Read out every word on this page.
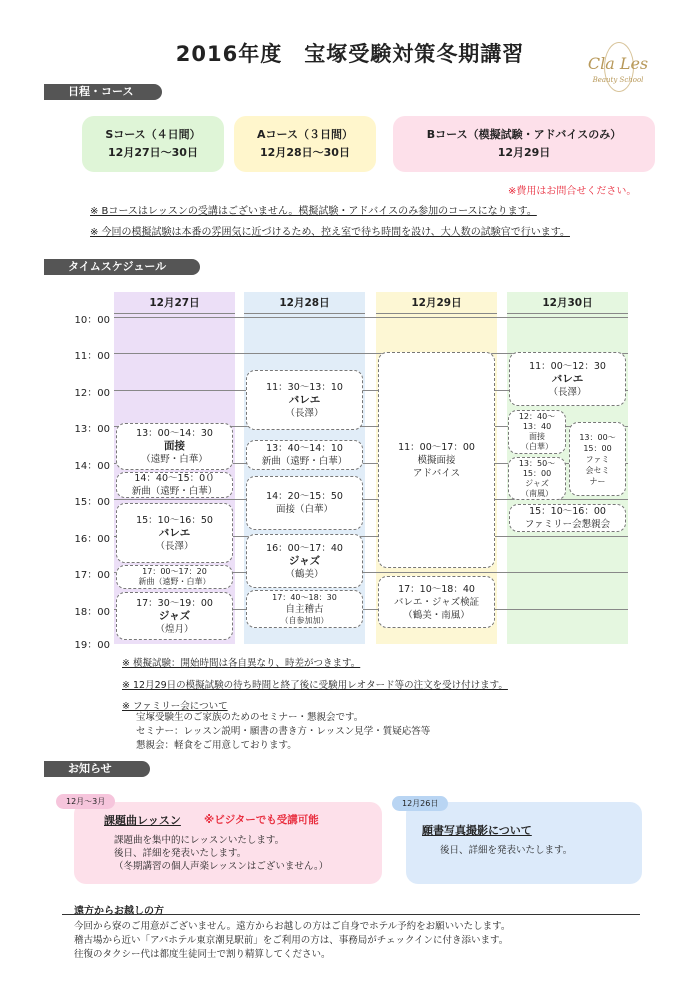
2016年度　宝塚受験対策冬期講習	Cla Les
Beauty School
日程・コース
Sコース（４日間）
12月27日〜30日
Aコース（３日間）
12月28日〜30日
Bコース（模擬試験・アドバイスのみ）
12月29日
※費用はお問合せください。
※ Bコースはレッスンの受講はございません。模擬試験・アドバイスのみ参加のコースになります。
※ 今回の模擬試験は本番の雰囲気に近づけるため、控え室で待ち時間を設け、大人数の試験官で行います。
タイムスケジュール
12月27日	12月28日	12月29日	12月30日
10：00
11：00
12：00
13：00
14：00
15：00
16：00
17：00
18：00
19：00
13：00〜14：30
面接
（遠野・白華）
14：40〜15：0０
新曲（遠野・白華）
15：10〜16：50
バレエ
（長澤）
17：00〜17：20
新曲（遠野・白華）
17：30〜19：00
ジャズ
（煌月）
11：30〜13：10
バレエ
（長澤）
13：40〜14：10
新曲（遠野・白華）
14：20〜15：50
面接（白華）
16：00〜17：40
ジャズ
（鶴美）
17：40〜18：30
自主稽古
（自参加加）
11：00〜17：00
模擬面接
アドバイス
17：10〜18：40
バレエ・ジャズ検証
（鶴美・南風）
11：00〜12：30
バレエ
（長澤）
12：40〜
13：40
面接
（白華）
13：50〜
15：00
ジャズ
（南風）
13：00〜
15：00
ファミ
会セミ
ナー
15：10〜16：00
ファミリー会懇親会
※ 模擬試験：開始時間は各自異なり、時差がつきます。
※ 12月29日の模擬試験の待ち時間と終了後に受験用レオタード等の注文を受け付けます。
※ ファミリー会について
宝塚受験生のご家族のためのセミナー・懇親会です。
セミナー：レッスン説明・願書の書き方・レッスン見学・質疑応答等
懇親会：軽食をご用意しております。
お知らせ
12月〜3月
課題曲レッスン ※ビジターでも受講可能
課題曲を集中的にレッスンいたします。
後日、詳細を発表いたします。
（冬期講習の個人声楽レッスンはございません。）
12月26日
願書写真撮影について
後日、詳細を発表いたします。
遠方からお越しの方
今回から寮のご用意がございません。遠方からお越しの方はご自身でホテル予約をお願いいたします。
稽古場から近い「アパホテル東京潮見駅前」をご利用の方は、事務局がチェックインに付き添います。
往復のタクシー代は都度生徒同士で割り精算してください。
